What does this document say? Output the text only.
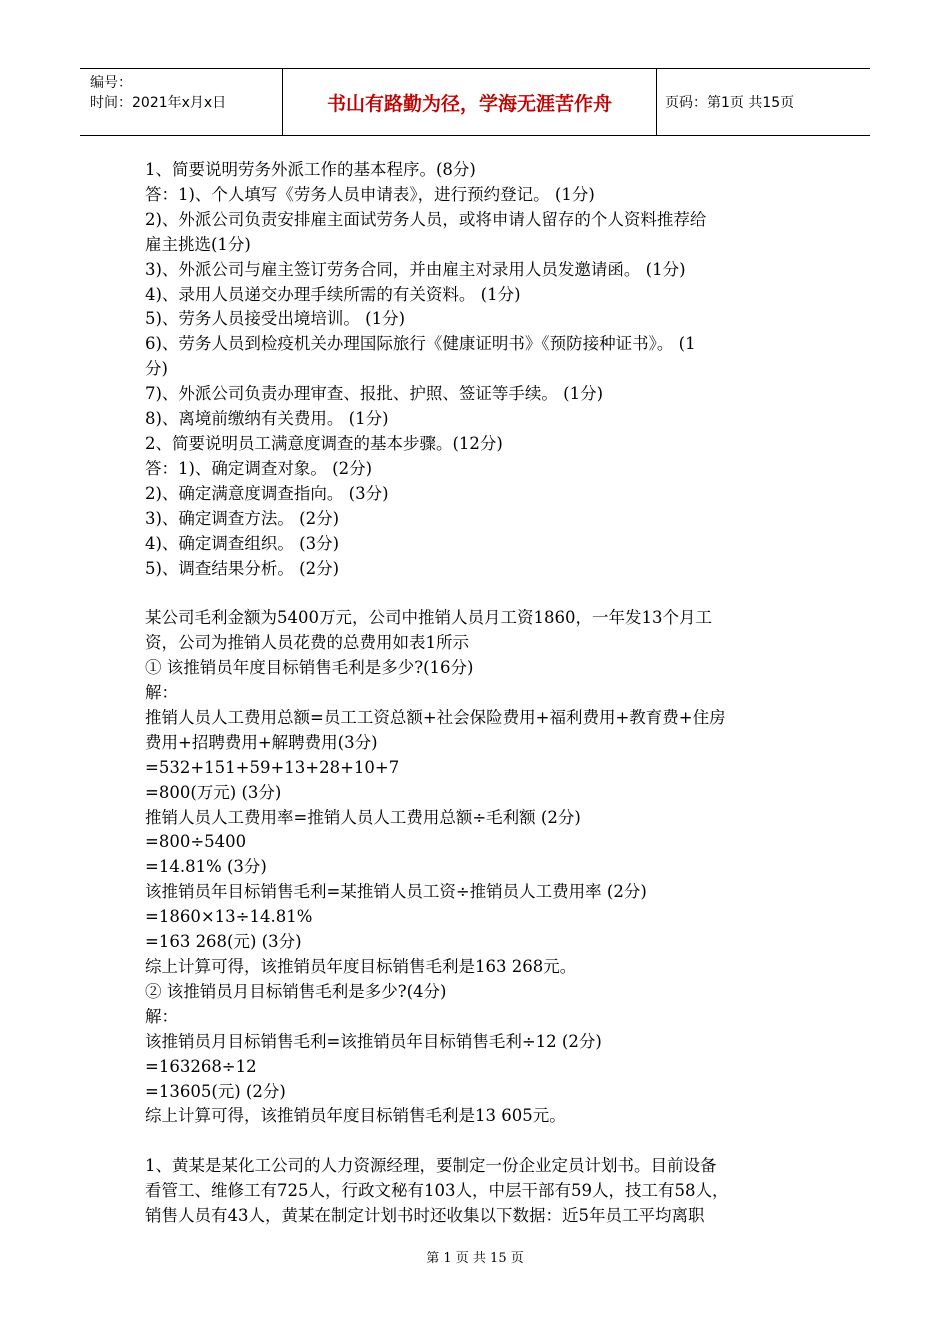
编号：
时间：2021年x月x日	书山有路勤为径，学海无涯苦作舟	页码：第1页 共15页
1、简要说明劳务外派工作的基本程序。(8分)
答：1)、个人填写《劳务人员申请表》，进行预约登记。 (1分)
2)、外派公司负责安排雇主面试劳务人员，或将申请人留存的个人资料推荐给
雇主挑选(1分)
3)、外派公司与雇主签订劳务合同，并由雇主对录用人员发邀请函。 (1分)
4)、录用人员递交办理手续所需的有关资料。 (1分)
5)、劳务人员接受出境培训。 (1分)
6)、劳务人员到检疫机关办理国际旅行《健康证明书》《预防接种证书》。 (1
分)
7)、外派公司负责办理审查、报批、护照、签证等手续。 (1分)
8)、离境前缴纳有关费用。 (1分)
2、简要说明员工满意度调查的基本步骤。(12分)
答：1)、确定调查对象。 (2分)
2)、确定满意度调查指向。 (3分)
3)、确定调查方法。 (2分)
4)、确定调查组织。 (3分)
5)、调查结果分析。 (2分)
某公司毛利金额为5400万元，公司中推销人员月工资1860，一年发13个月工
资，公司为推销人员花费的总费用如表1所示
① 该推销员年度目标销售毛利是多少?(16分)
解：
推销人员人工费用总额=员工工资总额+社会保险费用+福利费用+教育费+住房
费用+招聘费用+解聘费用(3分)
=532+151+59+13+28+10+7
=800(万元) (3分)
推销人员人工费用率=推销人员人工费用总额÷毛利额 (2分)
=800÷5400
=14.81% (3分)
该推销员年目标销售毛利=某推销人员工资÷推销员人工费用率 (2分)
=1860×13÷14.81%
=163 268(元) (3分)
综上计算可得，该推销员年度目标销售毛利是163 268元。
② 该推销员月目标销售毛利是多少?(4分)
解：
该推销员月目标销售毛利=该推销员年目标销售毛利÷12 (2分)
=163268÷12
=13605(元) (2分)
综上计算可得，该推销员年度目标销售毛利是13 605元。
1、黄某是某化工公司的人力资源经理，要制定一份企业定员计划书。目前设备
看管工、维修工有725人，行政文秘有103人，中层干部有59人，技工有58人，
销售人员有43人，黄某在制定计划书时还收集以下数据：近5年员工平均离职
第 1 页 共 15 页
